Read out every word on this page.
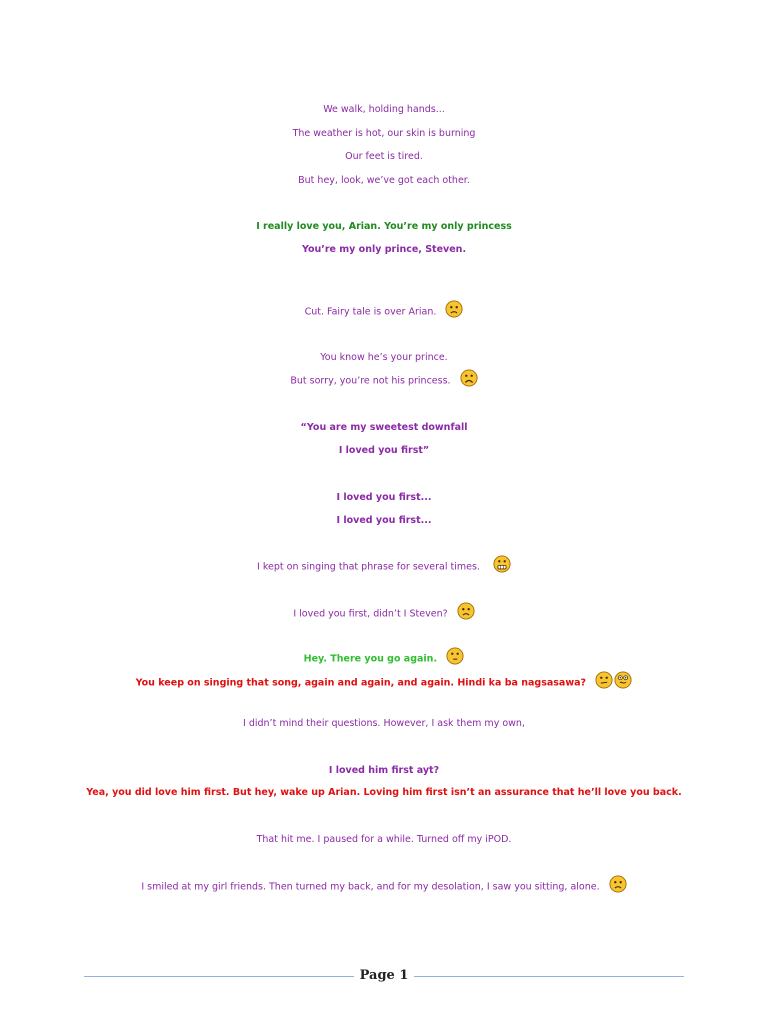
We walk, holding hands...
The weather is hot, our skin is burning
Our feet is tired.
But hey, look, we’ve got each other.
I really love you, Arian. You’re my only princess
You’re my only prince, Steven.
Cut. Fairy tale is over Arian.
You know he’s your prince.
But sorry, you’re not his princess.
“You are my sweetest downfall
I loved you first”
I loved you first...
I loved you first...
I kept on singing that phrase for several times.
I loved you first, didn’t I Steven?
Hey. There you go again.
You keep on singing that song, again and again, and again. Hindi ka ba nagsasawa?
I didn’t mind their questions. However, I ask them my own,
I loved him first ayt?
Yea, you did love him first. But hey, wake up Arian. Loving him first isn’t an assurance that he’ll love you back.
That hit me. I paused for a while. Turned off my iPOD.
I smiled at my girl friends. Then turned my back, and for my desolation, I saw you sitting, alone.
Page 1
